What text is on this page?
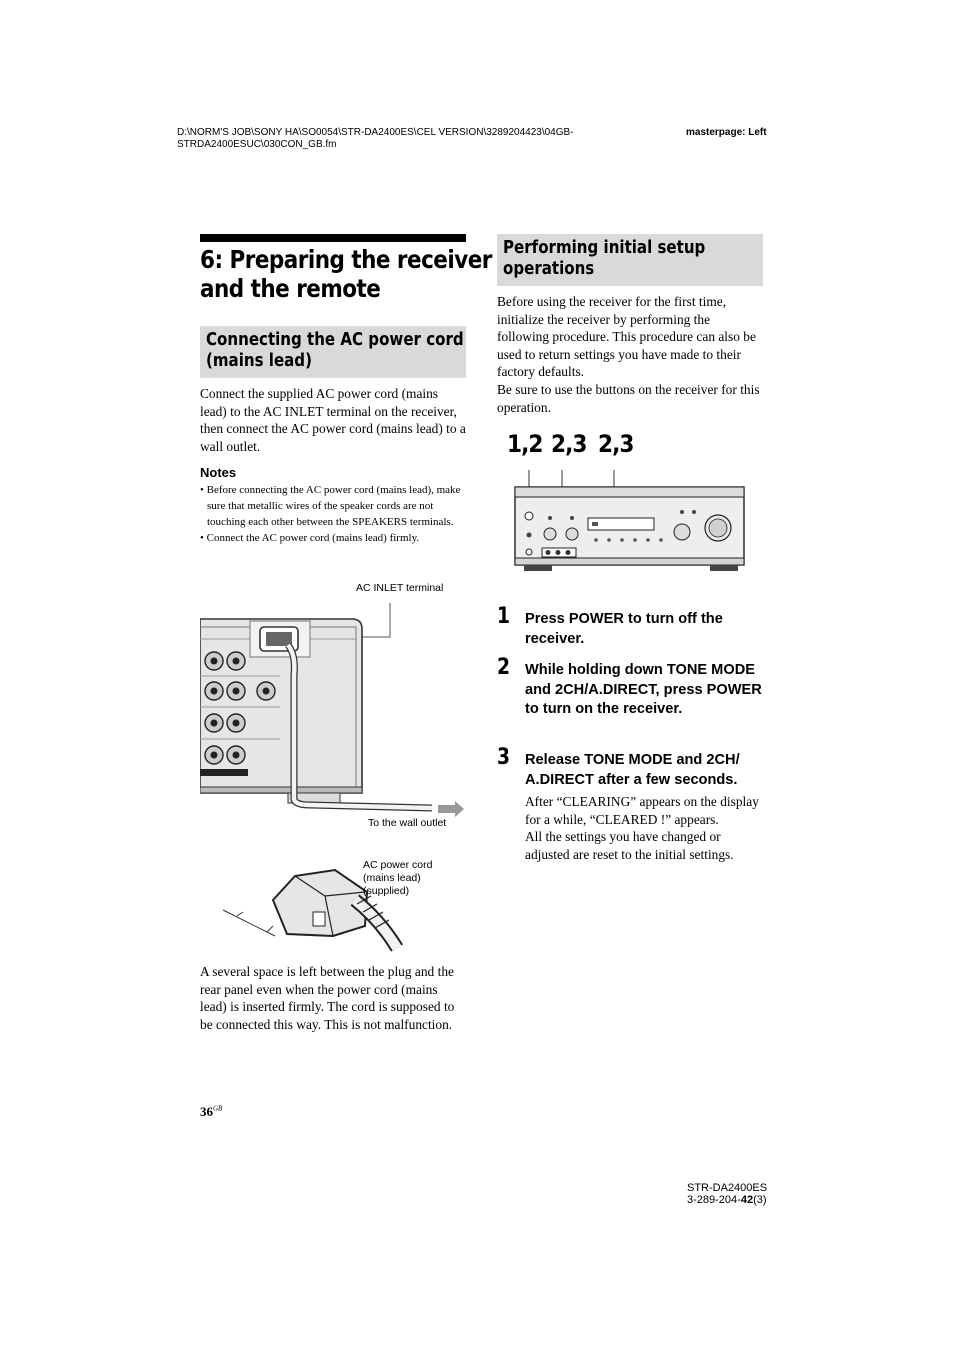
D:\NORM'S JOB\SONY HA\SO0054\STR-DA2400ES\CEL VERSION\3289204423\04GB-STRDA2400ESUC\030CON_GB.fm
masterpage: Left
6: Preparing the receiver
and the remote
Connecting the AC power cord
(mains lead)
Connect the supplied AC power cord (mains lead) to the AC INLET terminal on the receiver, then connect the AC power cord (mains lead) to a wall outlet.
Notes
• Before connecting the AC power cord (mains lead), make sure that metallic wires of the speaker cords are not touching each other between the SPEAKERS terminals.
• Connect the AC power cord (mains lead) firmly.
AC INLET terminal
To the wall outlet
AC power cord
(mains lead)
(supplied)
A several space is left between the plug and the rear panel even when the power cord (mains lead) is inserted firmly. The cord is supposed to be connected this way. This is not malfunction.
$36^{GB}$
Performing initial setup
operations
Before using the receiver for the first time, initialize the receiver by performing the following procedure. This procedure can also be used to return settings you have made to their factory defaults.
Be sure to use the buttons on the receiver for this operation.
1,2 2,3 2,3
1 Press POWER to turn off the receiver.
2 While holding down TONE MODE and 2CH/A.DIRECT, press POWER to turn on the receiver.
3 Release TONE MODE and 2CH/ A.DIRECT after a few seconds.
After “CLEARING” appears on the display for a while, “CLEARED !” appears.
All the settings you have changed or adjusted are reset to the initial settings.
STR-DA2400ES
3-289-204-42(3)
